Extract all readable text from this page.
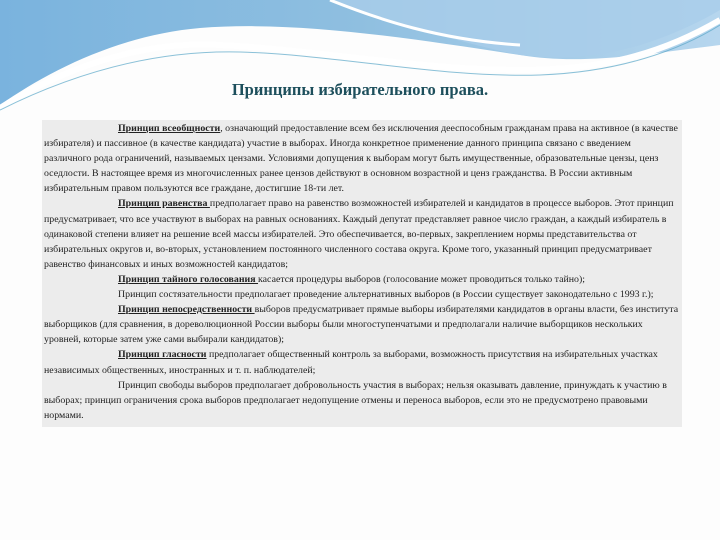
Принципы избирательного права.

Принцип всеобщности, означающий предоставление всем без исключения дееспособным гражданам права на активное (в качестве избирателя) и пассивное (в качестве кандидата) участие в выборах. Иногда конкретное применение данного принципа связано с введением различного рода ограничений, называемых цензами. Условиями допущения к выборам могут быть имущественные, образовательные цензы, ценз оседлости. В настоящее время из многочисленных ранее цензов действуют в основном возрастной и ценз гражданства. В России активным избирательным правом пользуются все граждане, достигшие 18-ти лет.

Принцип равенства предполагает право на равенство возможностей избирателей и кандидатов в процессе выборов. Этот принцип предусматривает, что все участвуют в выборах на равных основаниях. Каждый депутат представляет равное число граждан, а каждый избиратель в одинаковой степени влияет на решение всей массы избирателей. Это обеспечивается, во-первых, закреплением нормы представительства от избирательных округов и, во-вторых, установлением постоянного численного состава округа. Кроме того, указанный принцип предусматривает равенство финансовых и иных возможностей кандидатов;

Принцип тайного голосования касается процедуры выборов (голосование может проводиться только тайно);

Принцип состязательности предполагает проведение альтернативных выборов (в России существует законодательно с 1993 г.);

Принцип непосредственности выборов предусматривает прямые выборы избирателями кандидатов в органы власти, без института выборщиков (для сравнения, в дореволюционной России выборы были многоступенчатыми и предполагали наличие выборщиков нескольких уровней, которые затем уже сами выбирали кандидатов);

Принцип гласности предполагает общественный контроль за выборами, возможность присутствия на избирательных участках независимых общественных, иностранных и т. п. наблюдателей;

Принцип свободы выборов предполагает добровольность участия в выборах; нельзя оказывать давление, принуждать к участию в выборах; принцип ограничения срока выборов предполагает недопущение отмены и переноса выборов, если это не предусмотрено правовыми нормами.
